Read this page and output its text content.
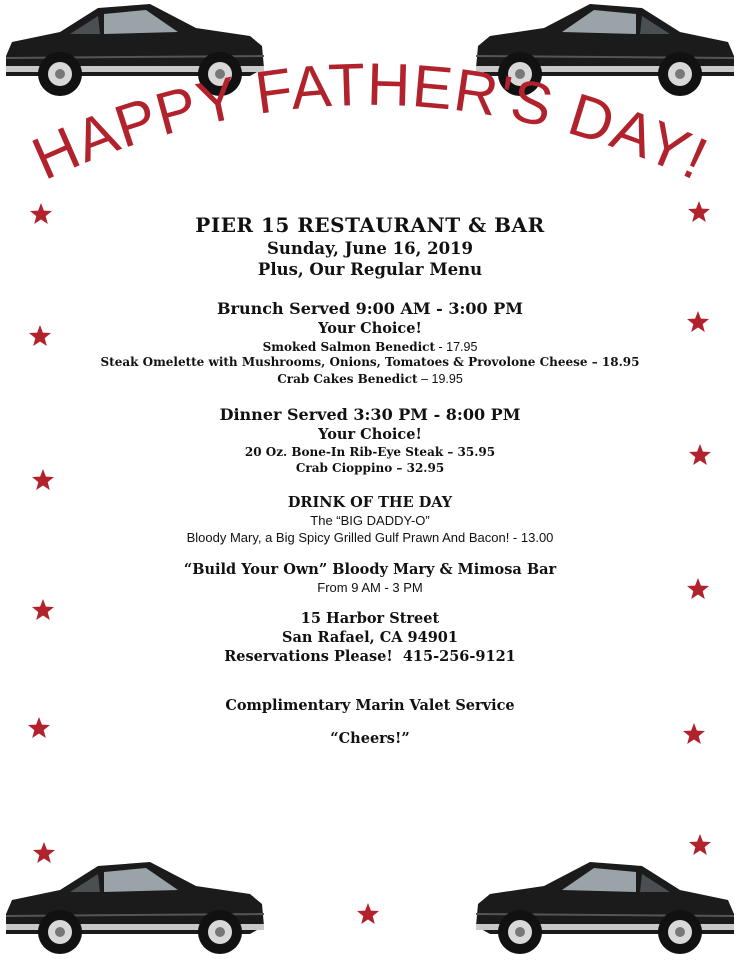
HAPPY FATHER'S DAY!

PIER 15 RESTAURANT & BAR

Sunday, June 16, 2019

Plus, Our Regular Menu

Brunch Served 9:00 AM - 3:00 PM

Your Choice!

Smoked Salmon Benedict - 17.95

Steak Omelette with Mushrooms, Onions, Tomatoes & Provolone Cheese – 18.95

Crab Cakes Benedict – 19.95

Dinner Served 3:30 PM - 8:00 PM

Your Choice!

20 Oz. Bone-In Rib-Eye Steak – 35.95

Crab Cioppino – 32.95

DRINK OF THE DAY

The “BIG DADDY-O”

Bloody Mary, a Big Spicy Grilled Gulf Prawn And Bacon! - 13.00

“Build Your Own” Bloody Mary & Mimosa Bar

From 9 AM - 3 PM

15 Harbor Street

San Rafael, CA 94901

Reservations Please!  415-256-9121

Complimentary Marin Valet Service

“Cheers!”
